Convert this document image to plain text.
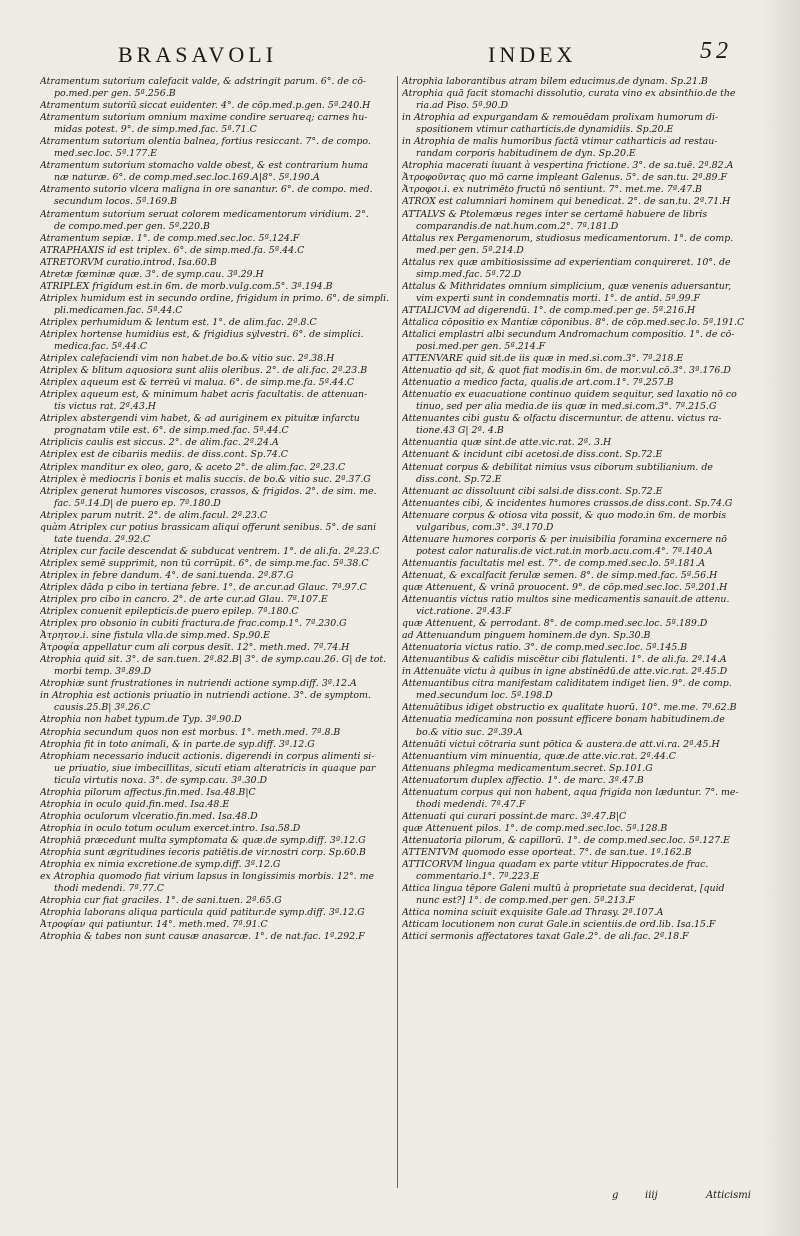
BRASAVOLI	INDEX	52
Atramentum sutorium calefacit valde, & adstringit parum. 6°. de cō-
po.med.per gen. 5ª.256.B
Atramentum sutoriū siccat euidenter. 4°. de cōp.med.p.gen. 5ª.240.H
Atramentum sutorium omnium maxime condire seruareq; carnes hu-
midas potest. 9°. de simp.med.fac. 5ª.71.C
Atramentum sutorium olentia balnea, fortius resiccant. 7°. de compo.
med.sec.loc. 5ª.177.E
Atramentum sutorium stomacho valde obest, & est contrarium huma
næ naturæ. 6°. de comp.med.sec.loc.169.A|8°. 5ª.190.A
Atramento sutorio vlcera maligna in ore sanantur. 6°. de compo. med.
secundum locos. 5ª.169.B
Atramentum sutorium seruat colorem medicamentorum viridium. 2°.
de compo.med.per gen. 5ª.220.B
Atramentum sepiæ. 1°. de comp.med.sec.loc. 5ª.124.F
ATRAPHAXIS id est triplex. 6°. de simp.med.fa. 5ª.44.C
ATRETORVM curatio.introd. Isa.60.B
Atretæ fœminæ quæ. 3°. de symp.cau. 3ª.29.H
ATRIPLEX frigidum est.in 6m. de morb.vulg.com.5°. 3ª.194.B
Atriplex humidum est in secundo ordine, frigidum in primo. 6°. de simpli.
pli.medicamen.fac. 5ª.44.C
Atriplex perhumidum & lentum est. 1°. de alim.fac. 2ª.8.C
Atriplex hortense humidius est, & frigidius sylvestri. 6°. de simplici.
medica.fac. 5ª.44.C
Atriplex calefaciendi vim non habet.de bo.& vitio suc. 2ª.38.H
Atriplex & blitum aquosiora sunt aliis oleribus. 2°. de ali.fac. 2ª.23.B
Atriplex aqueum est & terreū vi malua. 6°. de simp.me.fa. 5ª.44.C
Atriplex aqueum est, & minimum habet acris facultatis. de attenuan-
tis victus rat. 2ª.43.H
Atriplex abstergendi vim habet, & ad auriginem ex pituitæ infarctu
prognatam vtile est. 6°. de simp.med.fac. 5ª.44.C
Atriplicis caulis est siccus. 2°. de alim.fac. 2ª.24.A
Atriplex est de cibariis mediis. de diss.cont. Sp.74.C
Atriplex manditur ex oleo, garo, & aceto 2°. de alim.fac. 2ª.23.C
Atriplex è mediocris ī bonis et malis succis. de bo.& vitio suc. 2ª.37.G
Atriplex generat humores viscosos, crassos, & frigidos. 2°. de sim. me.
fac. 5ª.14.D| de puero ep. 7ª.180.D
Atriplex parum nutrit. 2°. de alim.facul. 2ª.23.C
quàm Atriplex cur potius brassicam aliqui offerunt senibus. 5°. de sani
tate tuenda. 2ª.92.C
Atriplex cur facile descendat & subducat ventrem. 1°. de ali.fa. 2ª.23.C
Atriplex semē supprimit, non tū corrūpit. 6°. de simp.me.fac. 5ª.38.C
Atriplex in febre dandum. 4°. de sani.tuenda. 2ª.87.G
Atriplex dāda p cibo in tertiana febre. 1°. de ar.cur.ad Glauc. 7ª.97.C
Atriplex pro cibo in cancro. 2°. de arte cur.ad Glau. 7ª.107.E
Atriplex conuenit epilepticis.de puero epilep. 7ª.180.C
Atriplex pro obsonio in cubiti fractura.de frac.comp.1°. 7ª.230.G
Ἀτρητον.i. sine fistula vlla.de simp.med. Sp.90.E
Ἀτροφία appellatur cum ali corpus desīt. 12°. meth.med. 7ª.74.H
Atrophia quid sit. 3°. de san.tuen. 2ª.82.B| 3°. de symp.cau.26. G| de tot.
morbi temp. 3ª.89.D
Atrophiæ sunt frustrationes in nutriendi actione symp.diff. 3ª.12.A
in Atrophia est actionis priuatio in nutriendi actione. 3°. de symptom.
causis.25.B| 3ª.26.C
Atrophia non habet typum.de Typ. 3ª.90.D
Atrophia secundum quos non est morbus. 1°. meth.med. 7ª.8.B
Atrophia fit in toto animali, & in parte.de syp.diff. 3ª.12.G
Atrophiam necessario inducit actionis. digerendi in corpus alimenti si-
ue priuatio, siue imbecillitas, sicuti etiam alteratricis in quaque par
ticula virtutis noxa. 3°. de symp.cau. 3ª.30.D
Atrophia pilorum affectus.fin.med. Isa.48.B|C
Atrophia in oculo quid.fin.med. Isa.48.E
Atrophia oculorum vlceratio.fin.med. Isa.48.D
Atrophia in oculo totum oculum exercet.intro. Isa.58.D
Atrophiā præcedunt multa symptomata & quæ.de symp.diff. 3ª.12.G
Atrophia sunt ægritudines iecoris patiētis.de vir.nostri corp. Sp.60.B
Atrophia ex nimia excretione.de symp.diff. 3ª.12.G
ex Atrophia quomodo fiat virium lapsus in longissimis morbis. 12°. me
thodi medendi. 7ª.77.C
Atrophia cur fiat graciles. 1°. de sani.tuen. 2ª.65.G
Atrophia laborans aliqua particula quid patitur.de symp.diff. 3ª.12.G
Ἀτροφίαν qui patiuntur. 14°. meth.med. 7ª.91.C
Atrophia & tabes non sunt causæ anasarcæ. 1°. de nat.fac. 1ª.292.F
Atrophia laborantibus atram bilem educimus.de dynam. Sp.21.B
Atrophia quā facit stomachi dissolutio, curata vino ex absinthio.de the
ria.ad Piso. 5ª.90.D
in Atrophia ad expurgandam & remouēdam prolixam humorum di-
spositionem vtimur catharticis.de dynamidiis. Sp.20.E
in Atrophia de malis humoribus factā vtimur catharticis ad restau-
randam corporis habitudinem de dyn. Sp.20.E
Atrophia macerati iuuant à vespertina frictione. 3°. de sa.tuē. 2ª.82.A
Ἀτροφοῦντας quo mō carne impleant Galenus. 5°. de san.tu. 2ª.89.F
Ἀτροφοι.i. ex nutrimēto fructū nō sentiunt. 7°. met.me. 7ª.47.B
ATROX est calumniari hominem qui benedicat. 2°. de san.tu. 2ª.71.H
ATTALVS & Ptolemæus reges inter se certamē habuere de libris
comparandis.de nat.hum.com.2°. 7ª.181.D
Attalus rex Pergamenorum, studiosus medicamentorum. 1°. de comp.
med.per gen. 5ª.214.D
Attalus rex quæ ambitiosissime ad experientiam conquireret. 10°. de
simp.med.fac. 5ª.72.D
Attalus & Mithridates omnium simplicium, quæ venenis aduersantur,
vim experti sunt in condemnatis morti. 1°. de antid. 5ª.99.F
ATTALICVM ad digerendū. 1°. de comp.med.per ge. 5ª.216.H
Attalica cōpositio ex Mantiæ cōponibus. 8°. de cōp.med.sec.lo. 5ª.191.C
Attalici emplastri albi secundum Andromachum compositio. 1°. de cō-
posi.med.per gen. 5ª.214.F
ATTENVARE quid sit.de iis quæ in med.si.com.3°. 7ª.218.E
Attenuatio qd sit, & quot fiat modis.in 6m. de mor.vul.cō.3°. 3ª.176.D
Attenuatio a medico facta, qualis.de art.com.1°. 7ª.257.B
Attenuatio ex euacuatione continuo quidem sequitur, sed laxatio nō co
tinuo, sed per alia media.de iis quæ in med.si.com.3°. 7ª.215.G
Attenuantes cibi gustu & olfactu discernuntur. de attenu. victus ra-
tione.43 G| 2ª. 4.B
Attenuantia quæ sint.de atte.vic.rat. 2ª. 3.H
Attenuant & incidunt cibi acetosi.de diss.cont. Sp.72.E
Attenuat corpus & debilitat nimius vsus ciborum subtilianium. de
diss.cont. Sp.72.E
Attenuant ac dissoluunt cibi salsi.de diss.cont. Sp.72.E
Attenuantes cibi, & incidentes humores crassos.de diss.cont. Sp.74.G
Attenuare corpus & otiosa vita possit, & quo modo.in 6m. de morbis
vulgaribus, com.3°. 3ª.170.D
Attenuare humores corporis & per inuisibilia foramina excernere nō
potest calor naturalis.de vict.rat.in morb.acu.com.4°. 7ª.140.A
Attenuantis facultatis mel est. 7°. de comp.med.sec.lo. 5ª.181.A
Attenuat, & excalfacit ferulæ semen. 8°. de simp.med.fac. 5ª.56.H
quæ Attenuent, & vrinā prouocent. 9°. de cōp.med.sec.loc. 5ª.201.H
Attenuantis victus ratio multos sine medicamentis sanauit.de attenu.
vict.ratione. 2ª.43.F
quæ Attenuent, & perrodant. 8°. de comp.med.sec.loc. 5ª.189.D
ad Attenuandum pinguem hominem.de dyn. Sp.30.B
Attenuatoria victus ratio. 3°. de comp.med.sec.loc. 5ª.145.B
Attenuantibus & calidis miscētur cibi flatulenti. 1°. de ali.fa. 2ª.14.A
in Attenuāte victu à quibus in igne abstinēdū.de atte.vic.rat. 2ª.45.D
Attenuantibus citra manifestam caliditatem indiget lien. 9°. de comp.
med.secundum loc. 5ª.198.D
Attenuātibus idiget obstructio ex qualitate huorū. 10°. me.me. 7ª.62.B
Attenuatia medicamina non possunt efficere bonam habitudinem.de
bo.& vitio suc. 2ª.39.A
Attenuāti victui cōtraria sunt pōtica & austera.de att.vi.ra. 2ª.45.H
Attenuantium vim minuentia, quæ.de atte.vic.rat. 2ª.44.C
Attenuans phlegma medicamentum.secret. Sp.101.G
Attenuatorum duplex affectio. 1°. de marc. 3ª.47.B
Attenuatum corpus qui non habent, aqua frigida non læduntur. 7°. me-
thodi medendi. 7ª.47.F
Attenuati qui curari possint.de marc. 3ª.47.B|C
quæ Attenuent pilos. 1°. de comp.med.sec.loc. 5ª.128.B
Attenuatoria pilorum, & capillorū. 1°. de comp.med.sec.loc. 5ª.127.E
ATTENTVM quomodo esse oporteat. 7°. de san.tue. 1ª.162.B
ATTICORVM lingua quadam ex parte vtitur Hippocrates.de frac.
commentario.1°. 7ª.223.E
Attica lingua tēpore Galeni multū à proprietate sua deciderat, [quid
nunc est?] 1°. de comp.med.per gen. 5ª.213.F
Attica nomina sciuit exquisite Gale.ad Thrasy. 2ª.107.A
Atticam locutionem non curat Gale.in scientiis.de ord.lib. Isa.15.F
Attici sermonis affectatores taxat Gale.2°. de ali.fac. 2ª.18.F
g	iiij	Atticismi
